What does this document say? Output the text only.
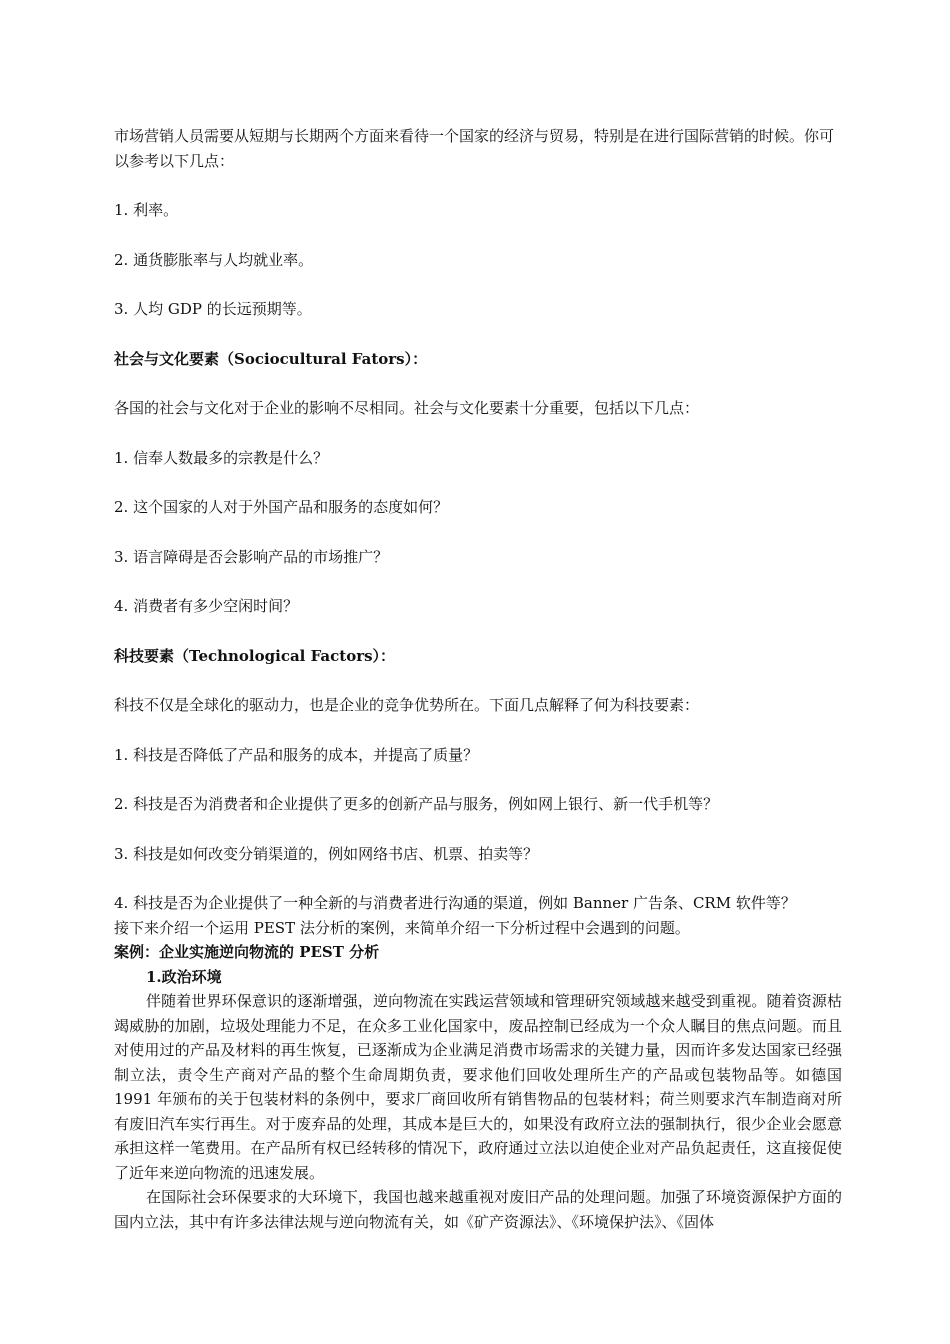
市场营销人员需要从短期与长期两个方面来看待一个国家的经济与贸易，特别是在进行国际营销的时候。你可以参考以下几点：

1. 利率。

2. 通货膨胀率与人均就业率。

3. 人均 GDP 的长远预期等。

社会与文化要素（Sociocultural Fators）：

各国的社会与文化对于企业的影响不尽相同。社会与文化要素十分重要，包括以下几点：

1. 信奉人数最多的宗教是什么？

2. 这个国家的人对于外国产品和服务的态度如何？

3. 语言障碍是否会影响产品的市场推广？

4. 消费者有多少空闲时间？

科技要素（Technological Factors）：

科技不仅是全球化的驱动力，也是企业的竞争优势所在。下面几点解释了何为科技要素：

1. 科技是否降低了产品和服务的成本，并提高了质量？

2. 科技是否为消费者和企业提供了更多的创新产品与服务，例如网上银行、新一代手机等？

3. 科技是如何改变分销渠道的，例如网络书店、机票、拍卖等？

4. 科技是否为企业提供了一种全新的与消费者进行沟通的渠道，例如 Banner 广告条、CRM 软件等？

接下来介绍一个运用 PEST 法分析的案例，来简单介绍一下分析过程中会遇到的问题。

案例：企业实施逆向物流的 PEST 分析

1.政治环境

伴随着世界环保意识的逐渐增强，逆向物流在实践运营领域和管理研究领域越来越受到重视。随着资源枯竭威胁的加剧，垃圾处理能力不足，在众多工业化国家中，废品控制已经成为一个众人瞩目的焦点问题。而且对使用过的产品及材料的再生恢复，已逐渐成为企业满足消费市场需求的关键力量，因而许多发达国家已经强制立法，责令生产商对产品的整个生命周期负责，要求他们回收处理所生产的产品或包装物品等。如德国 1991 年颁布的关于包装材料的条例中，要求厂商回收所有销售物品的包装材料；荷兰则要求汽车制造商对所有废旧汽车实行再生。对于废弃品的处理，其成本是巨大的，如果没有政府立法的强制执行，很少企业会愿意承担这样一笔费用。在产品所有权已经转移的情况下，政府通过立法以迫使企业对产品负起责任，这直接促使了近年来逆向物流的迅速发展。

在国际社会环保要求的大环境下，我国也越来越重视对废旧产品的处理问题。加强了环境资源保护方面的国内立法，其中有许多法律法规与逆向物流有关，如《矿产资源法》、《环境保护法》、《固体
